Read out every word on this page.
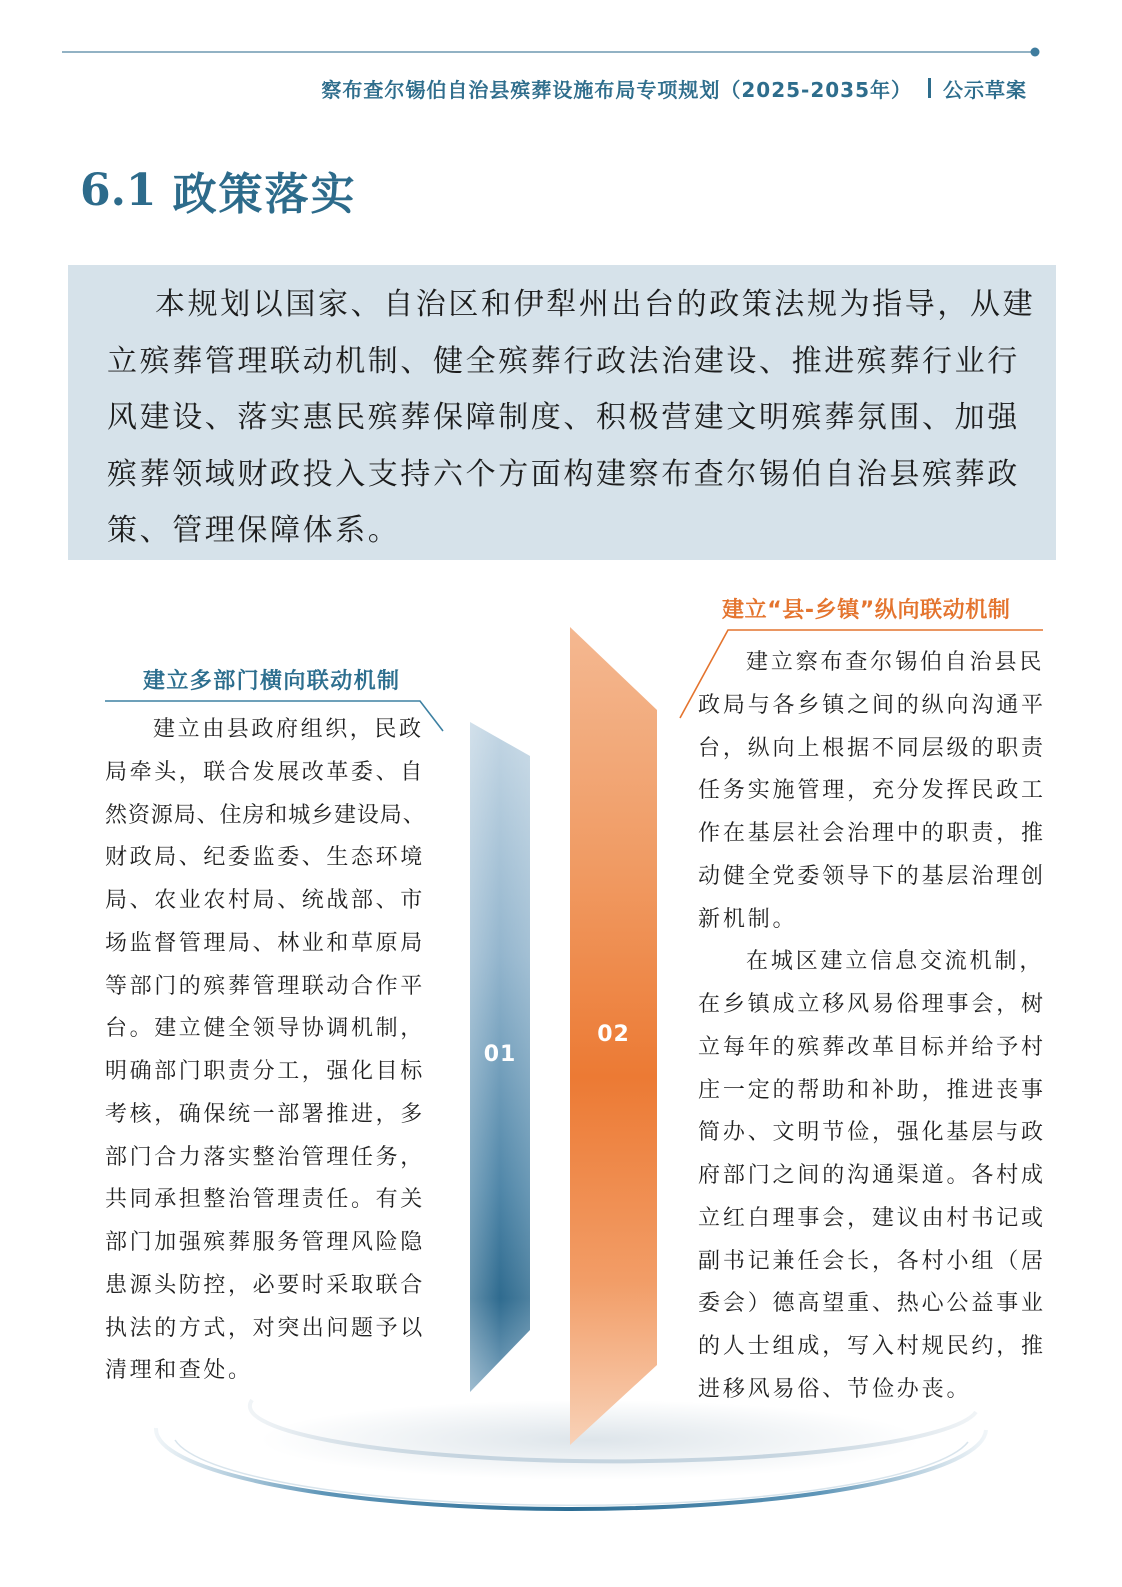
察布查尔锡伯自治县殡葬设施布局专项规划（2025-2035年） 公示草案
6.1 政策落实
本规划以国家、自治区和伊犁州出台的政策法规为指导，从建
立殡葬管理联动机制、健全殡葬行政法治建设、推进殡葬行业行
风建设、落实惠民殡葬保障制度、积极营建文明殡葬氛围、加强
殡葬领域财政投入支持六个方面构建察布查尔锡伯自治县殡葬政
策、管理保障体系。
建立多部门横向联动机制
建立“县-乡镇”纵向联动机制
01
02
建立由县政府组织，民政
局牵头，联合发展改革委、自
然资源局、住房和城乡建设局、
财政局、纪委监委、生态环境
局、农业农村局、统战部、市
场监督管理局、林业和草原局
等部门的殡葬管理联动合作平
台。建立健全领导协调机制，
明确部门职责分工，强化目标
考核，确保统一部署推进，多
部门合力落实整治管理任务，
共同承担整治管理责任。有关
部门加强殡葬服务管理风险隐
患源头防控，必要时采取联合
执法的方式，对突出问题予以
清理和查处。
建立察布查尔锡伯自治县民
政局与各乡镇之间的纵向沟通平
台，纵向上根据不同层级的职责
任务实施管理，充分发挥民政工
作在基层社会治理中的职责，推
动健全党委领导下的基层治理创
新机制。
在城区建立信息交流机制，
在乡镇成立移风易俗理事会，树
立每年的殡葬改革目标并给予村
庄一定的帮助和补助，推进丧事
简办、文明节俭，强化基层与政
府部门之间的沟通渠道。各村成
立红白理事会，建议由村书记或
副书记兼任会长，各村小组（居
委会）德高望重、热心公益事业
的人士组成，写入村规民约，推
进移风易俗、节俭办丧。
